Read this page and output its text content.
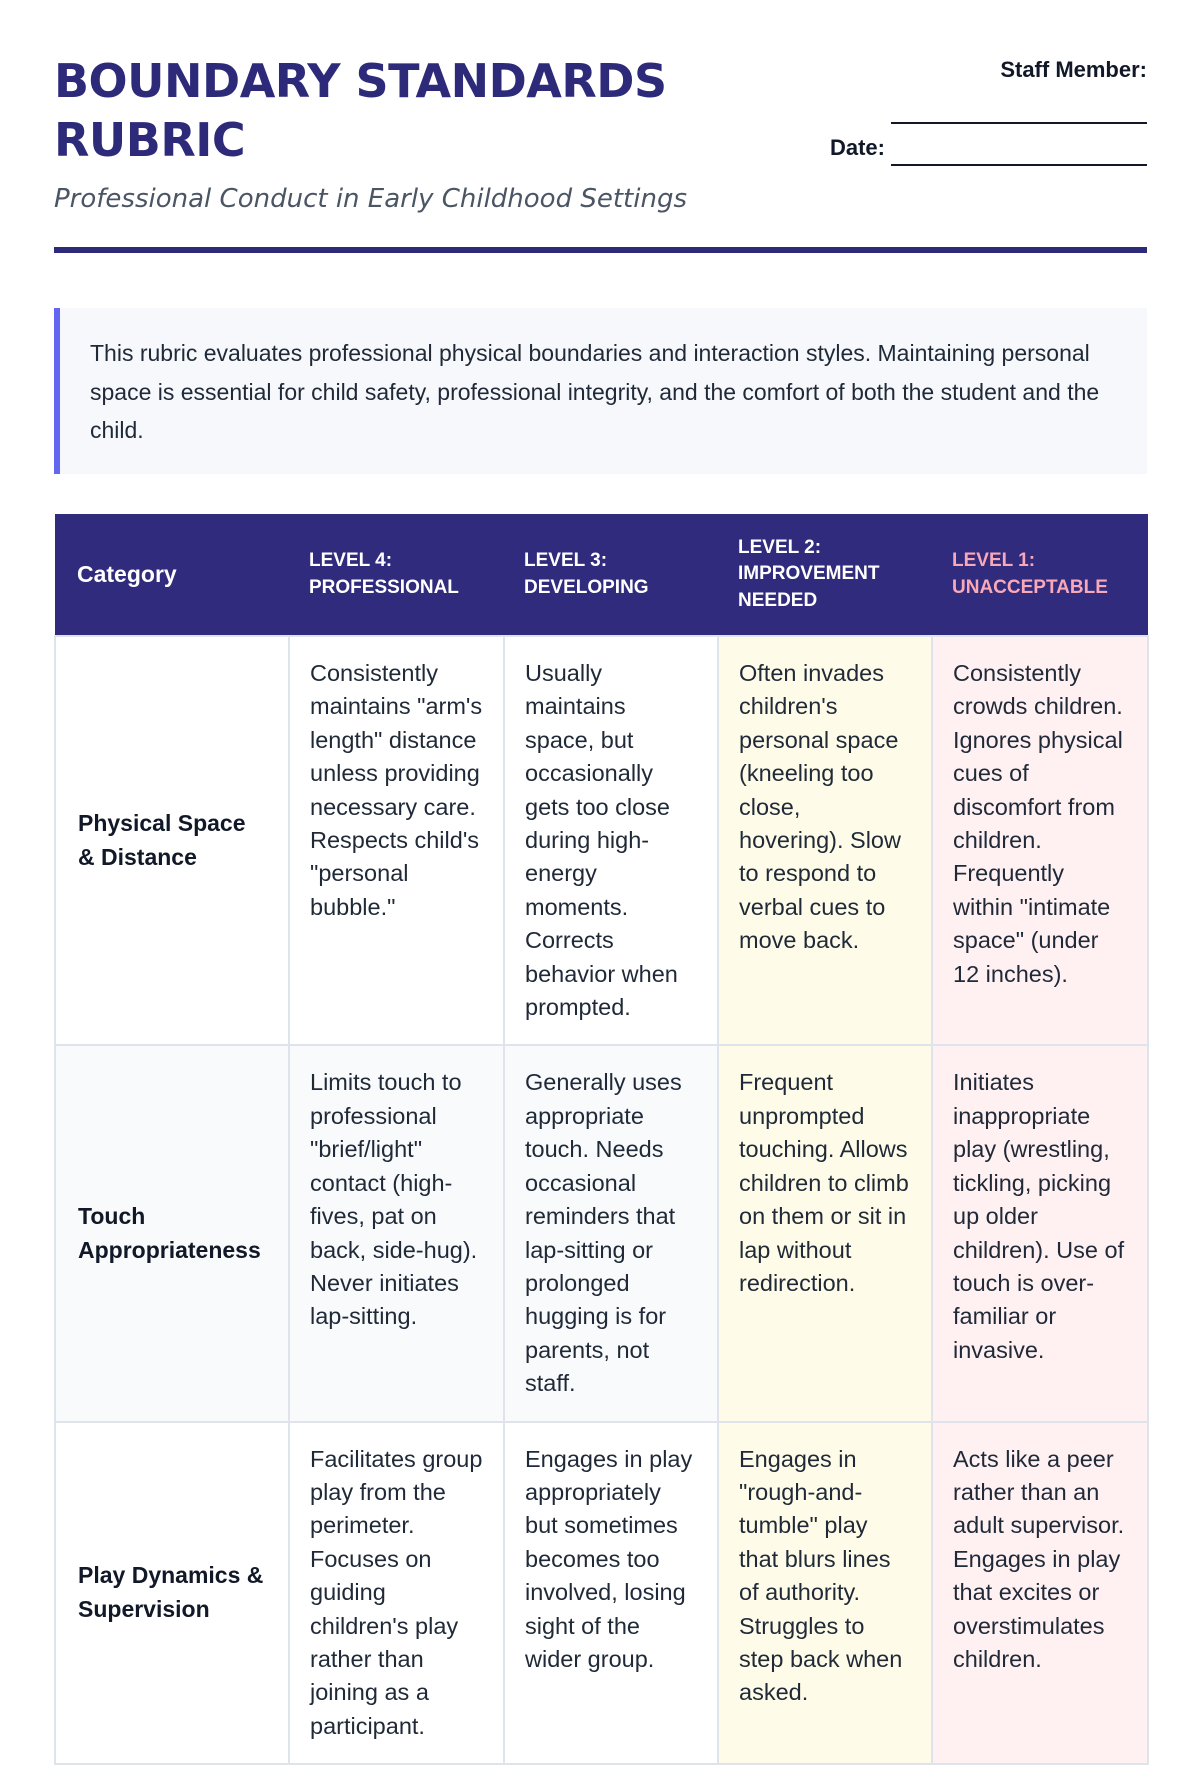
BOUNDARY STANDARDS RUBRIC

Professional Conduct in Early Childhood Settings

Staff Member:
Date:
This rubric evaluates professional physical boundaries and interaction styles. Maintaining personal space is essential for child safety, professional integrity, and the comfort of both the student and the child.
Category	LEVEL 4: PROFESSIONAL	LEVEL 3: DEVELOPING	LEVEL 2: IMPROVEMENT NEEDED	LEVEL 1: UNACCEPTABLE
Physical Space & Distance	Consistently maintains "arm's length" distance unless providing necessary care. Respects child's "personal bubble."	Usually maintains space, but occasionally gets too close during high-energy moments. Corrects behavior when prompted.	Often invades children's personal space (kneeling too close, hovering). Slow to respond to verbal cues to move back.	Consistently crowds children. Ignores physical cues of discomfort from children. Frequently within "intimate space" (under 12 inches).
Touch Appropriateness	Limits touch to professional "brief/light" contact (high-fives, pat on back, side-hug). Never initiates lap-sitting.	Generally uses appropriate touch. Needs occasional reminders that lap-sitting or prolonged hugging is for parents, not staff.	Frequent unprompted touching. Allows children to climb on them or sit in lap without redirection.	Initiates inappropriate play (wrestling, tickling, picking up older children). Use of touch is over-familiar or invasive.
Play Dynamics & Supervision	Facilitates group play from the perimeter. Focuses on guiding children's play rather than joining as a participant.	Engages in play appropriately but sometimes becomes too involved, losing sight of the wider group.	Engages in "rough-and-tumble" play that blurs lines of authority. Struggles to step back when asked.	Acts like a peer rather than an adult supervisor. Engages in play that excites or overstimulates children.
